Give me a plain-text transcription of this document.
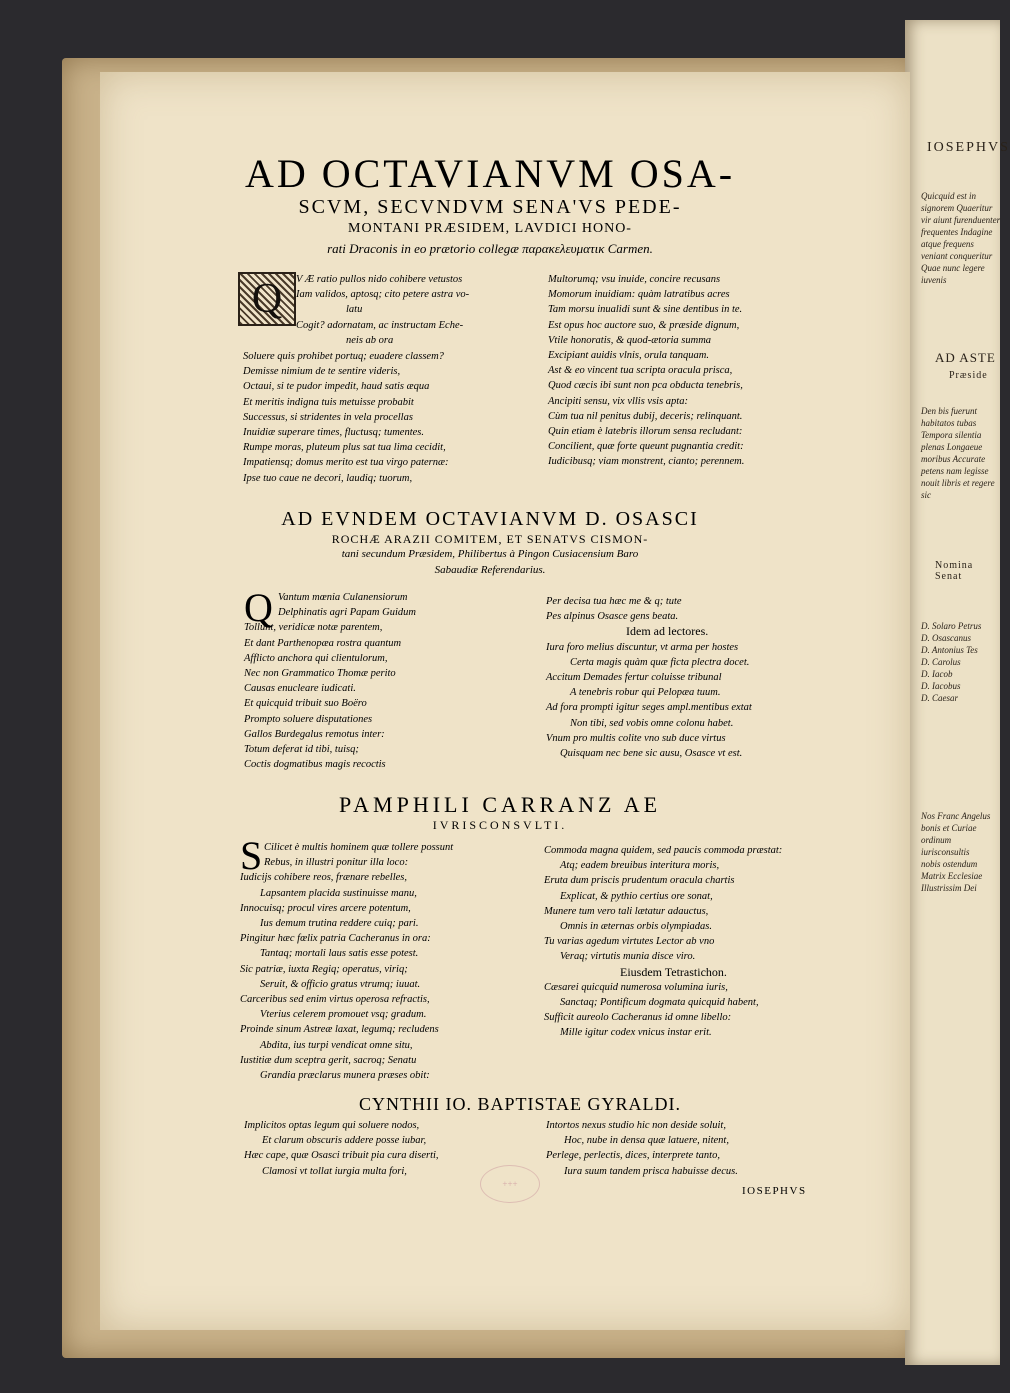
IOSEPHVS
Quicquid est in signorem Quaeritur vir aiunt furenduenter frequentes Indagine atque frequens veniant conqueritur Quae nunc legere iuvenis
AD ASTE
Præside
Den bis fuerunt habitatos tubas Tempora silentia plenas Longaeue moribus Accurate petens nam legisse nouit libris et regere sic
Nomina Senat
D. Solaro Petrus
D. Osascanus
D. Antonius Tes
D. Carolus
D. Iacob
D. Iacobus
D. Caesar
Nos Franc Angelus
bonis et Curiae
ordinum
iurisconsultis
nobis ostendum
Matrix Ecclesiae
Illustrissim Dei
AD OCTAVIANVM OSA-
SCVM, SECVNDVM SENA'VS PEDE-
MONTANI PRÆSIDEM, LAVDICI HONO-
rati Draconis in eo prætorio collegæ παρακελευματικ Carmen.
Q V Æ ratio pullos nido cohibere vetustos
Iam validos, aptosq; cito petere astra vo-
latu
Cogit? adornatam, ac instructam Eche-
neis ab ora
Soluere quis prohibet portuq; euadere classem?
Demisse nimium de te sentire videris,
Octaui, si te pudor impedit, haud satis æqua
Et meritis indigna tuis metuisse probabit
Successus, si stridentes in vela procellas
Inuidiæ superare times, fluctusq; tumentes.
Rumpe moras, pluteum plus sat tua lima cecidit,
Impatiensq; domus merito est tua virgo paternæ:
Ipse tuo caue ne decori, laudiq; tuorum,
Multorumq; vsu inuide, concire recusans
Momorum inuidiam: quàm latratibus acres
Tam morsu inualidi sunt & sine dentibus in te.
Est opus hoc auctore suo, & præside dignum,
Vtile honoratis, & quod-ætoria summa
Excipiant auidis vlnis, orula tanquam.
Ast & eo vincent tua scripta oracula prisca,
Quod cæcis ibi sunt non pca obducta tenebris,
Ancipiti sensu, vix vllis vsis apta:
Cùm tua nil penitus dubij, deceris; relinquant.
Quin etiam è latebris illorum sensa recludant:
Concilient, quæ forte queunt pugnantia credit:
Iudicibusq; viam monstrent, cianto; perennem.
AD EVNDEM OCTAVIANVM D. OSASCI
ROCHÆ ARAZII COMITEM, ET SENATVS CISMON-
tani secundum Præsidem, Philibertus à Pingon Cusiacensium Baro
Sabaudiæ Referendarius.
Q Vantum mœnia Culanensiorum
Delphinatis agri Papam Guidum
Tollunt, veridicæ notæ parentem,
Et dant Parthenopæa rostra quantum
Afflicto anchora qui clientulorum,
Nec non Grammatico Thomæ perito
Causas enucleare iudicati.
Et quicquid tribuit suo Boëro
Prompto soluere disputationes
Gallos Burdegalus remotus inter:
Totum deferat id tibi, tuisq;
Coctis dogmatibus magis recoctis
Per decisa tua hæc me & q; tute
Pes alpinus Osasce gens beata.
Idem ad lectores.
Iura foro melius discuntur, vt arma per hostes
Certa magis quàm quæ ficta plectra docet.
Accitum Demades fertur coluisse tribunal
A tenebris robur qui Pelopæa tuum.
Ad fora prompti igitur seges ampl.mentibus extat
Non tibi, sed vobis omne colonu habet.
Vnum pro multis colite vno sub duce virtus
Quisquam nec bene sic ausu, Osasce vt est.
PAMPHILI CARRANZ AE
IVRISCONSVLTI.
S Cilicet è multis hominem quæ tollere possunt
Rebus, in illustri ponitur illa loco:
Iudicijs cohibere reos, frænare rebelles,
Lapsantem placida sustinuisse manu,
Innocuisq; procul vires arcere potentum,
Ius demum trutina reddere cuiq; pari.
Pingitur hæc fœlix patria Cacheranus in ora:
Tantaq; mortali laus satis esse potest.
Sic patriæ, iuxta Regiq; operatus, viriq;
Seruit, & officio gratus vtrumq; iuuat.
Carceribus sed enim virtus operosa refractis,
Vterius celerem promouet vsq; gradum.
Proinde sinum Astreæ laxat, legumq; recludens
Abdita, ius turpi vendicat omne situ,
Iustitiæ dum sceptra gerit, sacroq; Senatu
Grandia præclarus munera præses obit:
Commoda magna quidem, sed paucis commoda præstat:
Atq; eadem breuibus interitura moris,
Eruta dum priscis prudentum oracula chartis
Explicat, & pythio certius ore sonat,
Munere tum vero tali lætatur adauctus,
Omnis in æternas orbis olympiadas.
Tu varias agedum virtutes Lector ab vno
Veraq; virtutis munia disce viro.
Eiusdem Tetrastichon.
Cæsarei quicquid numerosa volumina iuris,
Sanctaq; Pontificum dogmata quicquid habent,
Sufficit aureolo Cacheranus id omne libello:
Mille igitur codex vnicus instar erit.
CYNTHII IO. BAPTISTAE GYRALDI.
Implicitos optas legum qui soluere nodos,
Et clarum obscuris addere posse iubar,
Hæc cape, quæ Osasci tribuit pia cura diserti,
Clamosi vt tollat iurgia multa fori,
Intortos nexus studio hic non deside soluit,
Hoc, nube in densa quæ latuere, nitent,
Perlege, perlectis, dices, interprete tanto,
Iura suum tandem prisca habuisse decus.
+++
IOSEPHVS
